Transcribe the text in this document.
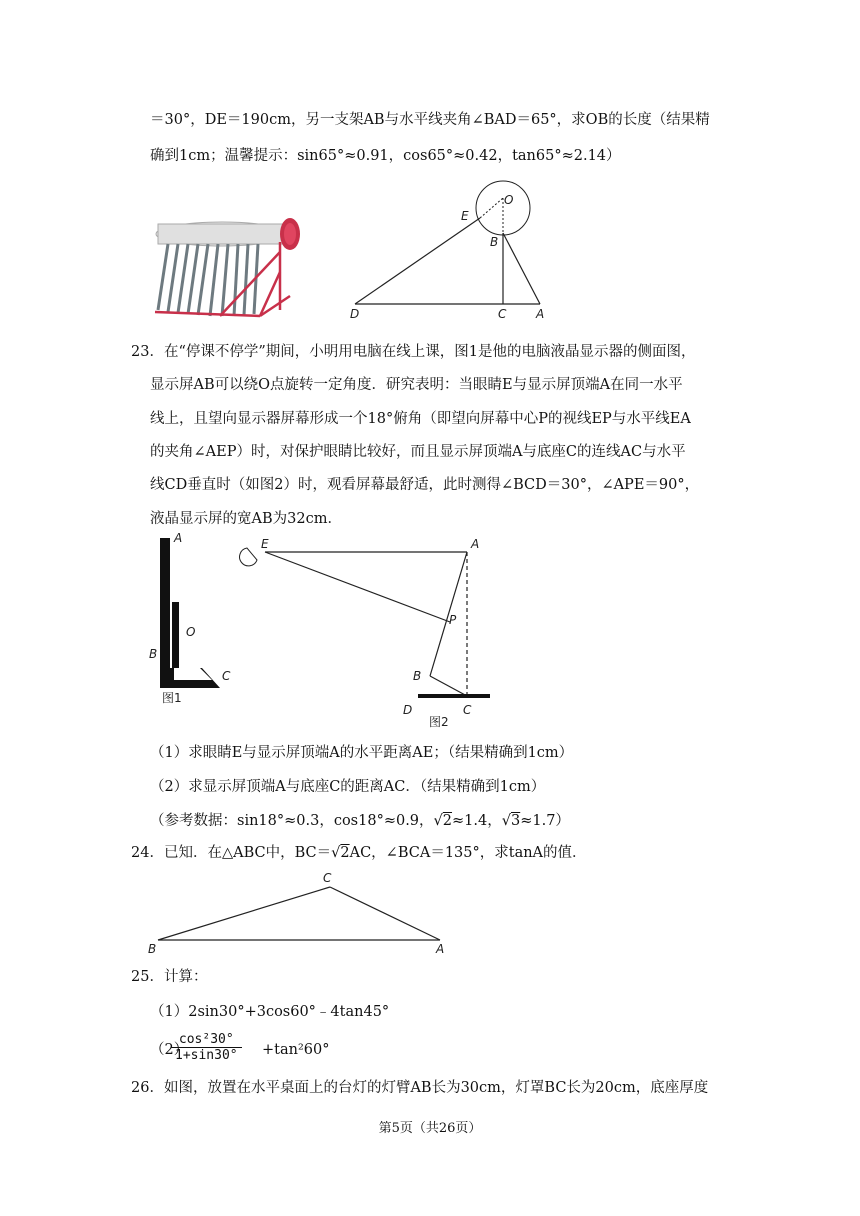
＝30°，DE＝190cm，另一支架AB与水平线夹角∠BAD＝65°，求OB的长度（结果精
确到1cm；温馨提示：sin65°≈0.91，cos65°≈0.42，tan65°≈2.14）
E
O
B
D	C A
23．在“停课不停学”期间，小明用电脑在线上课，图1是他的电脑液晶显示器的侧面图，
显示屏AB可以绕O点旋转一定角度．研究表明：当眼睛E与显示屏顶端A在同一水平
线上，且望向显示器屏幕形成一个18°俯角（即望向屏幕中心P的视线EP与水平线EA
的夹角∠AEP）时，对保护眼睛比较好，而且显示屏顶端A与底座C的连线AC与水平
线CD垂直时（如图2）时，观看屏幕最舒适，此时测得∠BCD＝30°，∠APE＝90°，
液晶显示屏的宽AB为32cm．
A
O
B
C
图1
E	A
P
B
D	C
图2
（1）求眼睛E与显示屏顶端A的水平距离AE；（结果精确到1cm）
（2）求显示屏顶端A与底座C的距离AC．（结果精确到1cm）
（参考数据：sin18°≈0.3，cos18°≈0.9，√2≈1.4，√3≈1.7）
24．已知．在△ABC中，BC＝√2AC，∠BCA＝135°，求tanA的值．
C
B	A
25．计算：
（1）2sin30°+3cos60°﹣4tan45°
（2）
$\frac{\text{cos²30°}}{1+\sin 30^\circ} +\tan^260^\circ$
26．如图，放置在水平桌面上的台灯的灯臂AB长为30cm，灯罩BC长为20cm，底座厚度
第5页（共26页）
